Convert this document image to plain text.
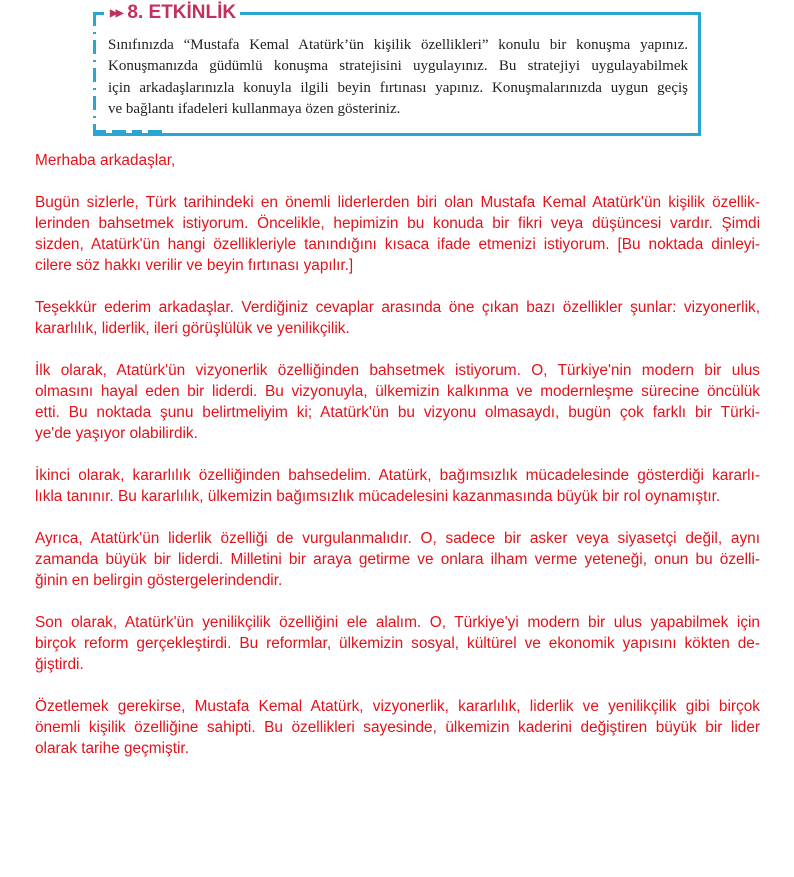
▶▶ 8. ETKİNLİK
Sınıfınızda “Mustafa Kemal Atatürk’ün kişilik özellikleri” konulu bir konuşma yapınız.
Konuşmanızda güdümlü konuşma stratejisini uygulayınız. Bu stratejiyi uygulayabilmek
için arkadaşlarınızla konuyla ilgili beyin fırtınası yapınız. Konuşmalarınızda uygun geçiş
ve bağlantı ifadeleri kullanmaya özen gösteriniz.
Merhaba arkadaşlar,
Bugün sizlerle, Türk tarihindeki en önemli liderlerden biri olan Mustafa Kemal Atatürk'ün kişilik özellik-
lerinden bahsetmek istiyorum. Öncelikle, hepimizin bu konuda bir fikri veya düşüncesi vardır. Şimdi
sizden, Atatürk'ün hangi özellikleriyle tanındığını kısaca ifade etmenizi istiyorum. [Bu noktada dinleyi-
cilere söz hakkı verilir ve beyin fırtınası yapılır.]
Teşekkür ederim arkadaşlar. Verdiğiniz cevaplar arasında öne çıkan bazı özellikler şunlar: vizyonerlik,
kararlılık, liderlik, ileri görüşlülük ve yenilikçilik.
İlk olarak, Atatürk'ün vizyonerlik özelliğinden bahsetmek istiyorum. O, Türkiye'nin modern bir ulus
olmasını hayal eden bir liderdi. Bu vizyonuyla, ülkemizin kalkınma ve modernleşme sürecine öncülük
etti. Bu noktada şunu belirtmeliyim ki; Atatürk'ün bu vizyonu olmasaydı, bugün çok farklı bir Türki-
ye'de yaşıyor olabilirdik.
İkinci olarak, kararlılık özelliğinden bahsedelim. Atatürk, bağımsızlık mücadelesinde gösterdiği kararlı-
lıkla tanınır. Bu kararlılık, ülkemizin bağımsızlık mücadelesini kazanmasında büyük bir rol oynamıştır.
Ayrıca, Atatürk'ün liderlik özelliği de vurgulanmalıdır. O, sadece bir asker veya siyasetçi değil, aynı
zamanda büyük bir liderdi. Milletini bir araya getirme ve onlara ilham verme yeteneği, onun bu özelli-
ğinin en belirgin göstergelerindendir.
Son olarak, Atatürk'ün yenilikçilik özelliğini ele alalım. O, Türkiye'yi modern bir ulus yapabilmek için
birçok reform gerçekleştirdi. Bu reformlar, ülkemizin sosyal, kültürel ve ekonomik yapısını kökten de-
ğiştirdi.
Özetlemek gerekirse, Mustafa Kemal Atatürk, vizyonerlik, kararlılık, liderlik ve yenilikçilik gibi birçok
önemli kişilik özelliğine sahipti. Bu özellikleri sayesinde, ülkemizin kaderini değiştiren büyük bir lider
olarak tarihe geçmiştir.
